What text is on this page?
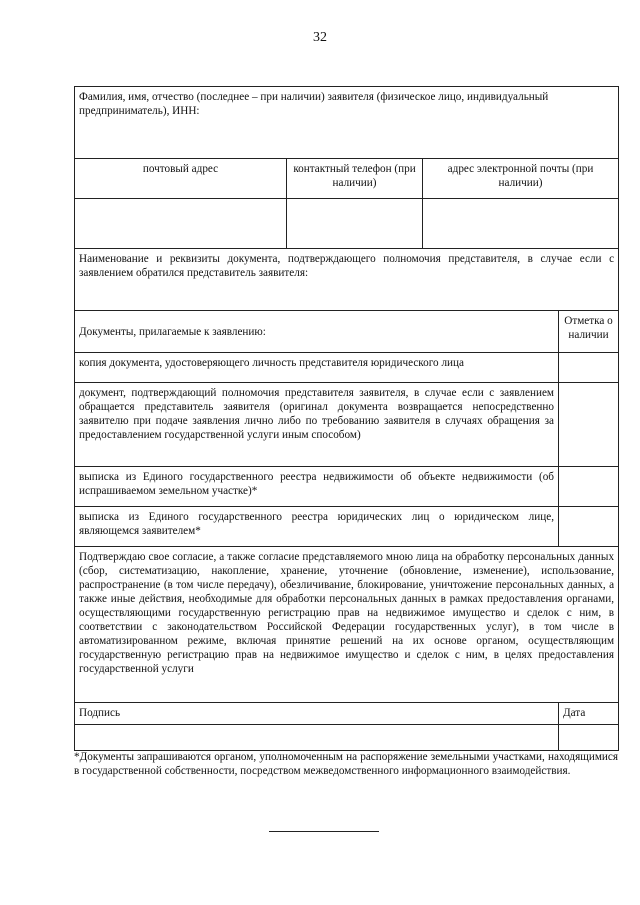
32
Фамилия, имя, отчество (последнее – при наличии) заявителя (физическое лицо, индивидуальный предприниматель), ИНН:			

почтовый адрес	контактный телефон (при наличии)	адрес электронной почты (при наличии)	

Наименование и реквизиты документа, подтверждающего полномочия представителя, в случае если с заявлением обратился представитель заявителя:			

Документы, прилагаемые к заявлению:			Отметка о наличии
копия документа, удостоверяющего личность представителя юридического лица			
документ, подтверждающий полномочия представителя заявителя, в случае если с заявлением обращается представитель заявителя (оригинал документа возвращается непосредственно заявителю при подаче заявления лично либо по требованию заявителя в случаях обращения за предоставлением государственной услуги иным способом)			
выписка из Единого государственного реестра недвижимости об объекте недвижимости (об испрашиваемом земельном участке)*			
выписка из Единого государственного реестра юридических лиц о юридическом лице, являющемся заявителем*			
Подтверждаю свое согласие, а также согласие представляемого мною лица на обработку персональных данных (сбор, систематизацию, накопление, хранение, уточнение (обновление, изменение), использование, распространение (в том числе передачу), обезличивание, блокирование, уничтожение персональных данных, а также иные действия, необходимые для обработки персональных данных в рамках предоставления органами, осуществляющими государственную регистрацию прав на недвижимое имущество и сделок с ним, в соответствии с законодательством Российской Федерации государственных услуг), в том числе в автоматизированном режиме, включая принятие решений на их основе органом, осуществляющим государственную регистрацию прав на недвижимое имущество и сделок с ним, в целях предоставления государственной услуги			
Подпись			Дата

*Документы запрашиваются органом, уполномоченным на распоряжение земельными участками, находящимися в государственной собственности, посредством межведомственного информационного взаимодействия.
